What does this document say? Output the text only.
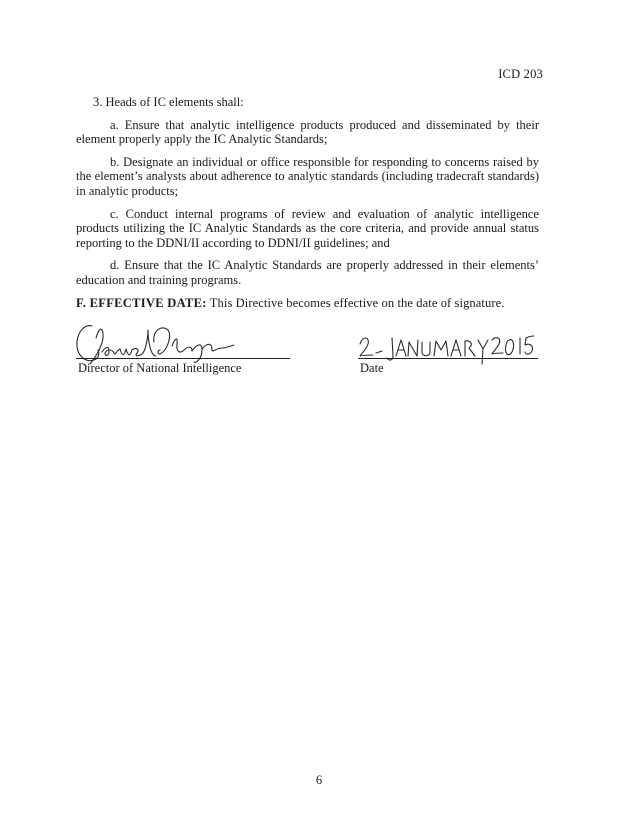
ICD 203

3. Heads of IC elements shall:

a. Ensure that analytic intelligence products produced and disseminated by their element properly apply the IC Analytic Standards;

b. Designate an individual or office responsible for responding to concerns raised by the element’s analysts about adherence to analytic standards (including tradecraft standards) in analytic products;

c. Conduct internal programs of review and evaluation of analytic intelligence products utilizing the IC Analytic Standards as the core criteria, and provide annual status reporting to the DDNI/II according to DDNI/II guidelines; and

d. Ensure that the IC Analytic Standards are properly addressed in their elements’ education and training programs.

F. EFFECTIVE DATE: This Directive becomes effective on the date of signature.

Director of National Intelligence	Date
6
